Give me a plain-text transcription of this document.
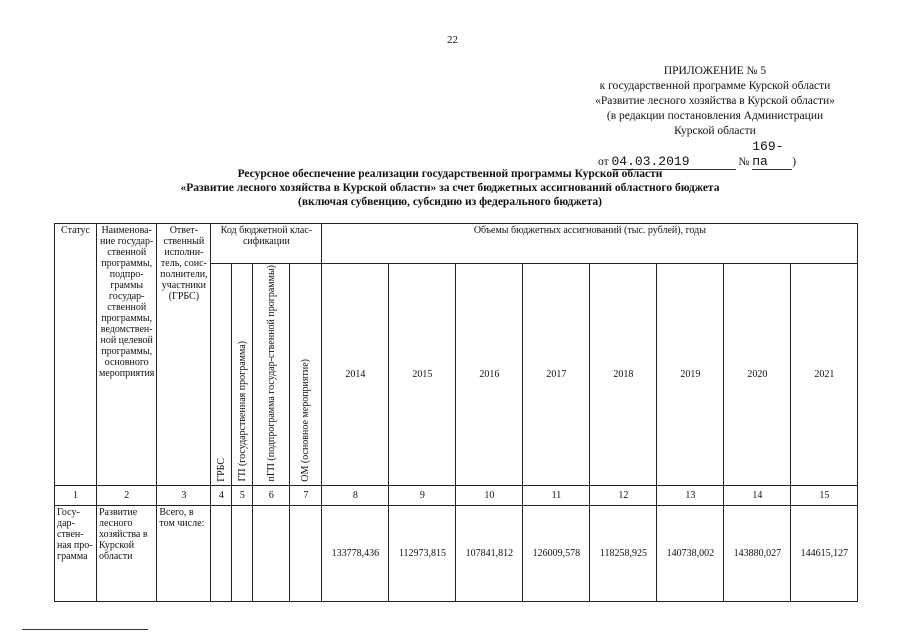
22
ПРИЛОЖЕНИЕ № 5
к государственной программе Курской области
«Развитие лесного хозяйства в Курской области»
(в редакции постановления Администрации
Курской области
от 04.03.2019	№ 169-па )
Ресурсное обеспечение реализации государственной программы Курской области
«Развитие лесного хозяйства в Курской области» за счет бюджетных ассигнований областного бюджета
(включая субвенцию, субсидию из федерального бюджета)
Статус	Наименова-ние государ-ственной программы, подпро-граммы государ-ственной программы, ведомствен-ной целевой программы, основного мероприятия	Ответ-ственный исполни-тель, соис-полнители, участники (ГРБС)	Код бюджетной клас-сификации				Объемы бюджетных ассигнований (тыс. рублей), годы							
			ГРБС	ГП (государственная программа)	пГП (подпрограмма государ-ственной программы)	ОМ (основное мероприятие)	2014	2015	2016	2017	2018	2019	2020	2021
1	2	3	4	5	6	7	8	9	10	11	12	13	14	15
Госу-дар-ствен-ная про-грамма	Развитие лесного хозяйства в Курской области	Всего, в том числе:					133778,436	112973,815	107841,812	126009,578	118258,925	140738,002	143880,027	144615,127
